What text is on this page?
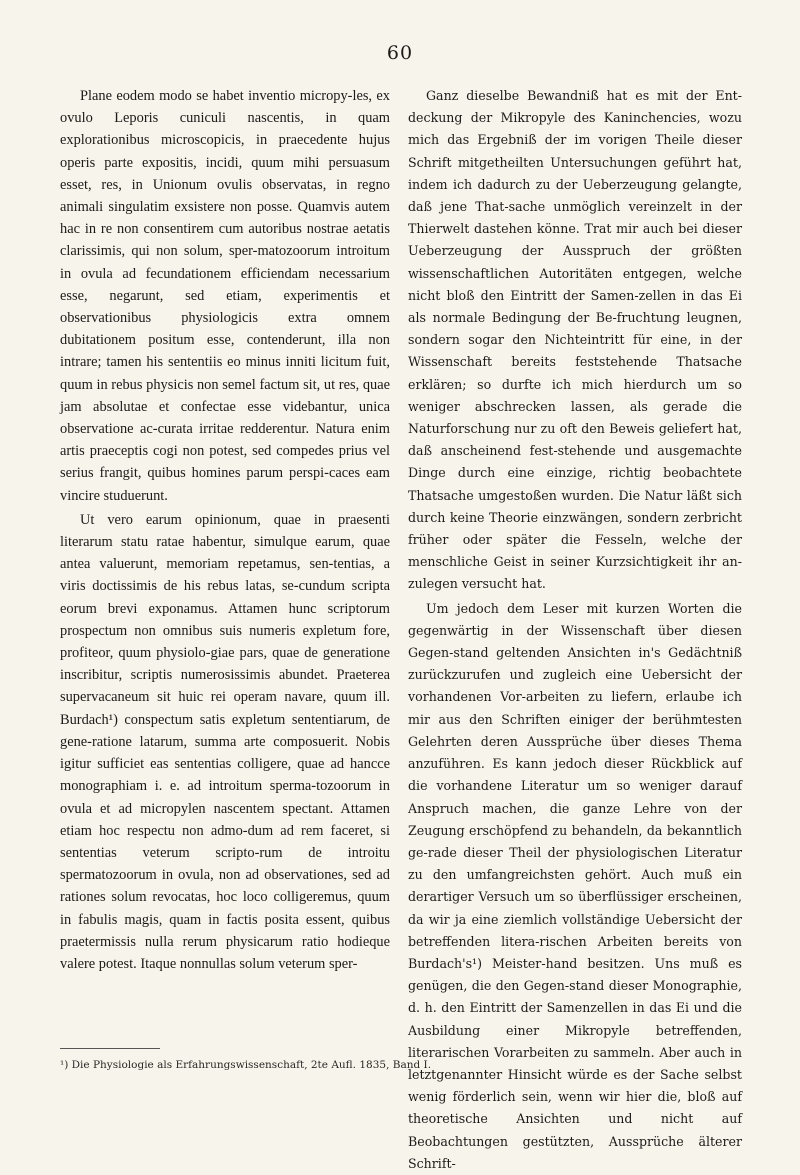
60

Plane eodem modo se habet inventio micropy-les, ex ovulo Leporis cuniculi nascentis, in quam explorationibus microscopicis, in praecedente hujus operis parte expositis, incidi, quum mihi persuasum esset, res, in Unionum ovulis observatas, in regno animali singulatim exsistere non posse. Quamvis autem hac in re non consentirem cum autoribus nostrae aetatis clarissimis, qui non solum, sper-matozoorum introitum in ovula ad fecundationem efficiendam necessarium esse, negarunt, sed etiam, experimentis et observationibus physiologicis extra omnem dubitationem positum esse, contenderunt, illa non intrare; tamen his sententiis eo minus inniti licitum fuit, quum in rebus physicis non semel factum sit, ut res, quae jam absolutae et confectae esse videbantur, unica observatione ac-curata irritae redderentur. Natura enim artis praeceptis cogi non potest, sed compedes prius vel serius frangit, quibus homines parum perspi-caces eam vincire studuerunt.

Ut vero earum opinionum, quae in praesenti literarum statu ratae habentur, simulque earum, quae antea valuerunt, memoriam repetamus, sen-tentias, a viris doctissimis de his rebus latas, se-cundum scripta eorum brevi exponamus. Attamen hunc scriptorum prospectum non omnibus suis numeris expletum fore, profiteor, quum physiolo-giae pars, quae de generatione inscribitur, scriptis numerosissimis abundet. Praeterea supervacaneum sit huic rei operam navare, quum ill. Burdach¹) conspectum satis expletum sententiarum, de gene-ratione latarum, summa arte composuerit. Nobis igitur sufficiet eas sententias colligere, quae ad hancce monographiam i. e. ad introitum sperma-tozoorum in ovula et ad micropylen nascentem spectant. Attamen etiam hoc respectu non admo-dum ad rem faceret, si sententias veterum scripto-rum de introitu spermatozoorum in ovula, non ad observationes, sed ad rationes solum revocatas, hoc loco colligeremus, quum in fabulis magis, quam in factis posita essent, quibus praetermissis nulla rerum physicarum ratio hodieque valere potest. Itaque nonnullas solum veterum sper-

Ganz dieselbe Bewandniß hat es mit der Ent-deckung der Mikropyle des Kaninchencies, wozu mich das Ergebniß der im vorigen Theile dieser Schrift mitgetheilten Untersuchungen geführt hat, indem ich dadurch zu der Ueberzeugung gelangte, daß jene That-sache unmöglich vereinzelt in der Thierwelt dastehen könne. Trat mir auch bei dieser Ueberzeugung der Ausspruch der größten wissenschaftlichen Autoritäten entgegen, welche nicht bloß den Eintritt der Samen-zellen in das Ei als normale Bedingung der Be-fruchtung leugnen, sondern sogar den Nichteintritt für eine, in der Wissenschaft bereits feststehende Thatsache erklären; so durfte ich mich hierdurch um so weniger abschrecken lassen, als gerade die Naturforschung nur zu oft den Beweis geliefert hat, daß anscheinend fest-stehende und ausgemachte Dinge durch eine einzige, richtig beobachtete Thatsache umgestoßen wurden. Die Natur läßt sich durch keine Theorie einzwängen, sondern zerbricht früher oder später die Fesseln, welche der menschliche Geist in seiner Kurzsichtigkeit ihr an-zulegen versucht hat.

Um jedoch dem Leser mit kurzen Worten die gegenwärtig in der Wissenschaft über diesen Gegen-stand geltenden Ansichten in's Gedächtniß zurückzurufen und zugleich eine Uebersicht der vorhandenen Vor-arbeiten zu liefern, erlaube ich mir aus den Schriften einiger der berühmtesten Gelehrten deren Aussprüche über dieses Thema anzuführen. Es kann jedoch dieser Rückblick auf die vorhandene Literatur um so weniger darauf Anspruch machen, die ganze Lehre von der Zeugung erschöpfend zu behandeln, da bekanntlich ge-rade dieser Theil der physiologischen Literatur zu den umfangreichsten gehört. Auch muß ein derartiger Versuch um so überflüssiger erscheinen, da wir ja eine ziemlich vollständige Uebersicht der betreffenden litera-rischen Arbeiten bereits von Burdach's¹) Meister-hand besitzen. Uns muß es genügen, die den Gegen-stand dieser Monographie, d. h. den Eintritt der Samenzellen in das Ei und die Ausbildung einer Mikropyle betreffenden, literarischen Vorarbeiten zu sammeln. Aber auch in letztgenannter Hinsicht würde es der Sache selbst wenig förderlich sein, wenn wir hier die, bloß auf theoretische Ansichten und nicht auf Beobachtungen gestützten, Aussprüche älterer Schrift-

¹) Die Physiologie als Erfahrungswissenschaft, 2te Aufl. 1835, Band I.
